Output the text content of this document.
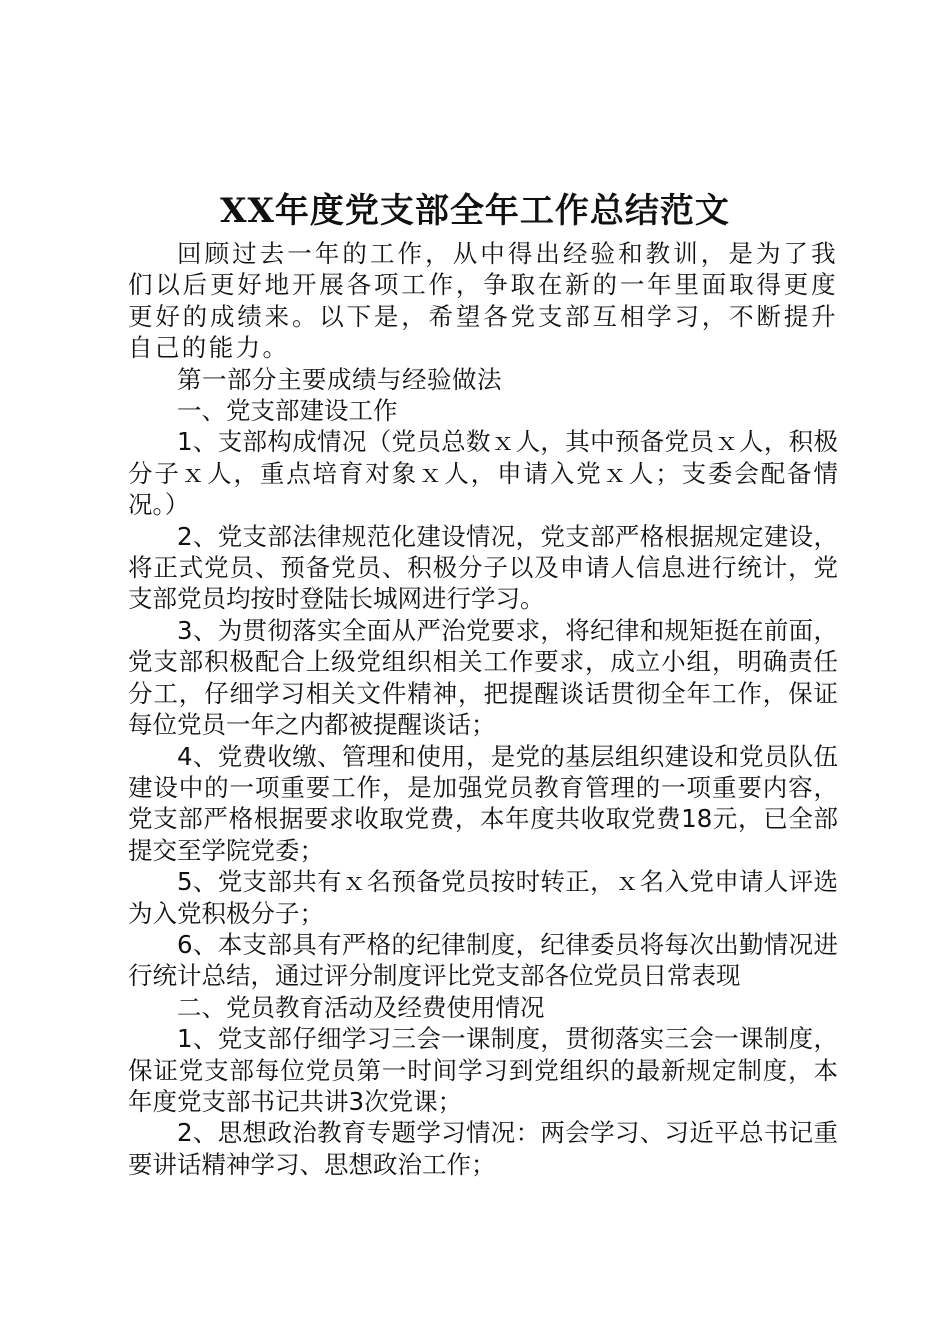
XX年度党支部全年工作总结范文

回顾过去一年的工作，从中得出经验和教训，是为了我们以后更好地开展各项工作，争取在新的一年里面取得更度更好的成绩来。以下是，希望各党支部互相学习，不断提升自己的能力。

第一部分主要成绩与经验做法

一、党支部建设工作

1、支部构成情况（党员总数ｘ人，其中预备党员ｘ人，积极分子ｘ人，重点培育对象ｘ人，申请入党ｘ人；支委会配备情况。）

2、党支部法律规范化建设情况，党支部严格根据规定建设，将正式党员、预备党员、积极分子以及申请人信息进行统计，党支部党员均按时登陆长城网进行学习。

3、为贯彻落实全面从严治党要求，将纪律和规矩挺在前面，党支部积极配合上级党组织相关工作要求，成立小组，明确责任分工，仔细学习相关文件精神，把提醒谈话贯彻全年工作，保证每位党员一年之内都被提醒谈话；

4、党费收缴、管理和使用，是党的基层组织建设和党员队伍建设中的一项重要工作，是加强党员教育管理的一项重要内容，党支部严格根据要求收取党费，本年度共收取党费18元，已全部提交至学院党委；

5、党支部共有ｘ名预备党员按时转正，ｘ名入党申请人评选为入党积极分子；

6、本支部具有严格的纪律制度，纪律委员将每次出勤情况进行统计总结，通过评分制度评比党支部各位党员日常表现

二、党员教育活动及经费使用情况

1、党支部仔细学习三会一课制度，贯彻落实三会一课制度，保证党支部每位党员第一时间学习到党组织的最新规定制度，本年度党支部书记共讲3次党课；

2、思想政治教育专题学习情况：两会学习、习近平总书记重要讲话精神学习、思想政治工作；
